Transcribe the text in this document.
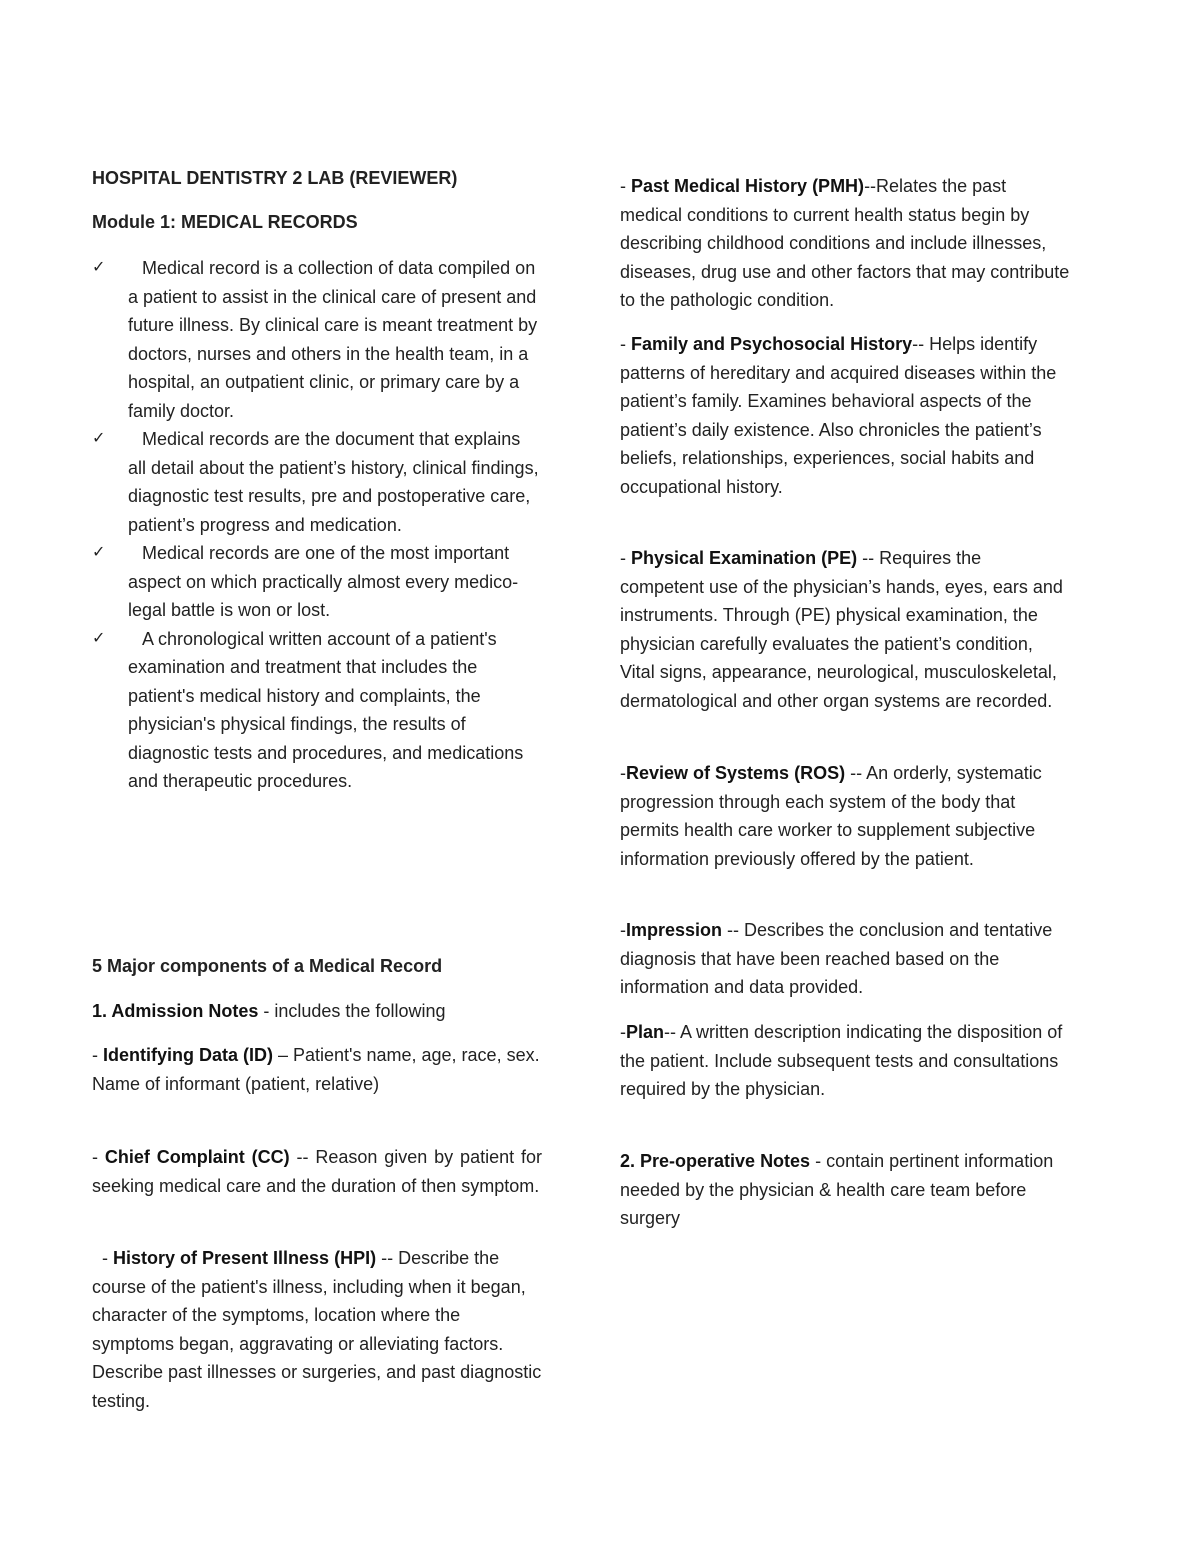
HOSPITAL DENTISTRY 2 LAB (REVIEWER)

Module 1: MEDICAL RECORDS

✓	Medical record is a collection of data compiled on a patient to assist in the clinical care of present and future illness. By clinical care is meant treatment by doctors, nurses and others in the health team, in a hospital, an outpatient clinic, or primary care by a family doctor.
✓	Medical records are the document that explains all detail about the patient’s history, clinical findings, diagnostic test results, pre and postoperative care, patient’s progress and medication.
✓	Medical records are one of the most important aspect on which practically almost every medico-legal battle is won or lost.
✓	A chronological written account of a patient's examination and treatment that includes the patient's medical history and complaints, the physician's physical findings, the results of diagnostic tests and procedures, and medications and therapeutic procedures.

5 Major components of a Medical Record

1. Admission Notes - includes the following

- Identifying Data (ID) – Patient's name, age, race, sex. Name of informant (patient, relative)

- Chief Complaint (CC) -- Reason given by patient for seeking medical care and the duration of then symptom.

- History of Present Illness (HPI) -- Describe the course of the patient's illness, including when it began, character of the symptoms, location where the symptoms began, aggravating or alleviating factors. Describe past illnesses or surgeries, and past diagnostic testing.

- Past Medical History (PMH)--Relates the past medical conditions to current health status begin by describing childhood conditions and include illnesses, diseases, drug use and other factors that may contribute to the pathologic condition.

- Family and Psychosocial History-- Helps identify patterns of hereditary and acquired diseases within the patient’s family. Examines behavioral aspects of the patient’s daily existence. Also chronicles the patient’s beliefs, relationships, experiences, social habits and occupational history.

- Physical Examination (PE) -- Requires the competent use of the physician’s hands, eyes, ears and instruments. Through (PE) physical examination, the physician carefully evaluates the patient’s condition, Vital signs, appearance, neurological, musculoskeletal, dermatological and other organ systems are recorded.

-Review of Systems (ROS) -- An orderly, systematic progression through each system of the body that permits health care worker to supplement subjective information previously offered by the patient.

-Impression -- Describes the conclusion and tentative diagnosis that have been reached based on the information and data provided.

-Plan-- A written description indicating the disposition of the patient. Include subsequent tests and consultations required by the physician.

2. Pre-operative Notes - contain pertinent information needed by the physician & health care team before surgery
